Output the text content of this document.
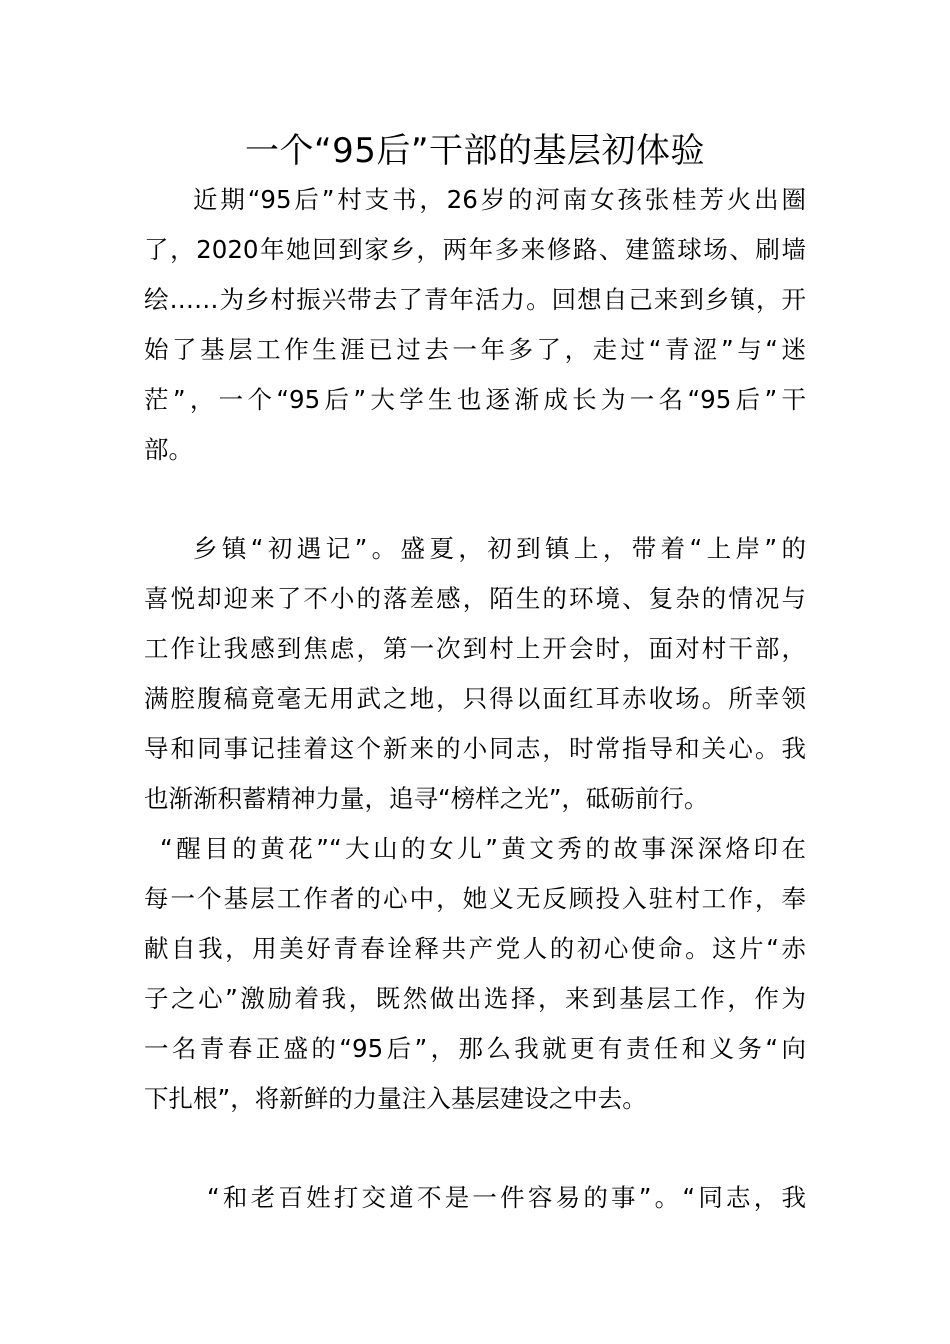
一个“95后”干部的基层初体验
近期“95后”村支书，26岁的河南女孩张桂芳火出圈
了，2020年她回到家乡，两年多来修路、建篮球场、刷墙
绘……为乡村振兴带去了青年活力。回想自己来到乡镇，开
始了基层工作生涯已过去一年多了，走过“青涩”与“迷
茫”，一个“95后”大学生也逐渐成长为一名“95后”干
部。
乡镇“初遇记”。盛夏，初到镇上，带着“上岸”的
喜悦却迎来了不小的落差感，陌生的环境、复杂的情况与
工作让我感到焦虑，第一次到村上开会时，面对村干部，
满腔腹稿竟毫无用武之地，只得以面红耳赤收场。所幸领
导和同事记挂着这个新来的小同志，时常指导和关心。我
也渐渐积蓄精神力量，追寻“榜样之光”，砥砺前行。
“醒目的黄花”“大山的女儿”黄文秀的故事深深烙印在
每一个基层工作者的心中，她义无反顾投入驻村工作，奉
献自我，用美好青春诠释共产党人的初心使命。这片“赤
子之心”激励着我，既然做出选择，来到基层工作，作为
一名青春正盛的“95后”，那么我就更有责任和义务“向
下扎根”，将新鲜的力量注入基层建设之中去。
“和老百姓打交道不是一件容易的事”。“同志，我
